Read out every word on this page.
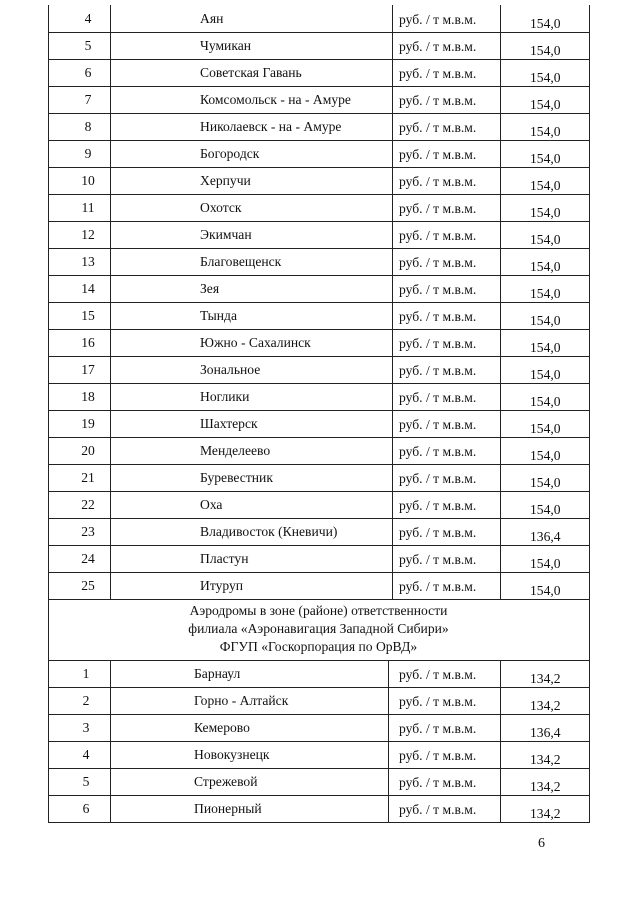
4	Аян	руб. / т м.в.м.	154,0
5	Чумикан	руб. / т м.в.м.	154,0
6	Советская Гавань	руб. / т м.в.м.	154,0
7	Комсомольск - на - Амуре	руб. / т м.в.м.	154,0
8	Николаевск - на - Амуре	руб. / т м.в.м.	154,0
9	Богородск	руб. / т м.в.м.	154,0
10	Херпучи	руб. / т м.в.м.	154,0
11	Охотск	руб. / т м.в.м.	154,0
12	Экимчан	руб. / т м.в.м.	154,0
13	Благовещенск	руб. / т м.в.м.	154,0
14	Зея	руб. / т м.в.м.	154,0
15	Тында	руб. / т м.в.м.	154,0
16	Южно - Сахалинск	руб. / т м.в.м.	154,0
17	Зональное	руб. / т м.в.м.	154,0
18	Ноглики	руб. / т м.в.м.	154,0
19	Шахтерск	руб. / т м.в.м.	154,0
20	Менделеево	руб. / т м.в.м.	154,0
21	Буревестник	руб. / т м.в.м.	154,0
22	Оха	руб. / т м.в.м.	154,0
23	Владивосток (Кневичи)	руб. / т м.в.м.	136,4
24	Пластун	руб. / т м.в.м.	154,0
25	Итуруп	руб. / т м.в.м.	154,0
1	Барнаул	руб. / т м.в.м.	134,2
2	Горно - Алтайск	руб. / т м.в.м.	134,2
3	Кемерово	руб. / т м.в.м.	136,4
4	Новокузнецк	руб. / т м.в.м.	134,2
5	Стрежевой	руб. / т м.в.м.	134,2
6	Пионерный	руб. / т м.в.м.	134,2
Аэродромы в зоне (районе) ответственности
филиала «Аэронавигация Западной Сибири»
ФГУП «Госкорпорация по ОрВД»
6
